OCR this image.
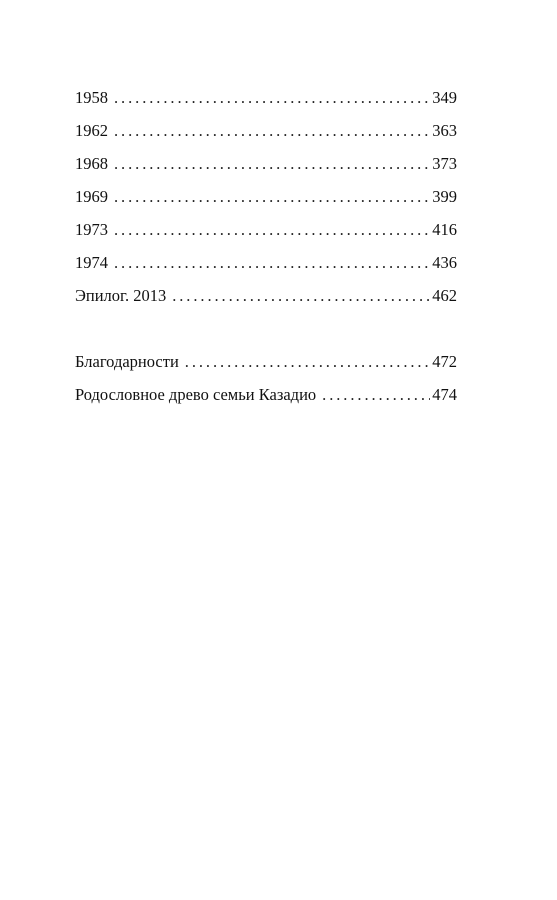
1958 . . .	349
1962 . . .	363
1968 . . .	373
1969 . . .	399
1973 . . .	416
1974 . . .	436
Эпилог. 2013 . . .	462
Благодарности . . .	472
Родословное древо семьи Казадио . . .	474
